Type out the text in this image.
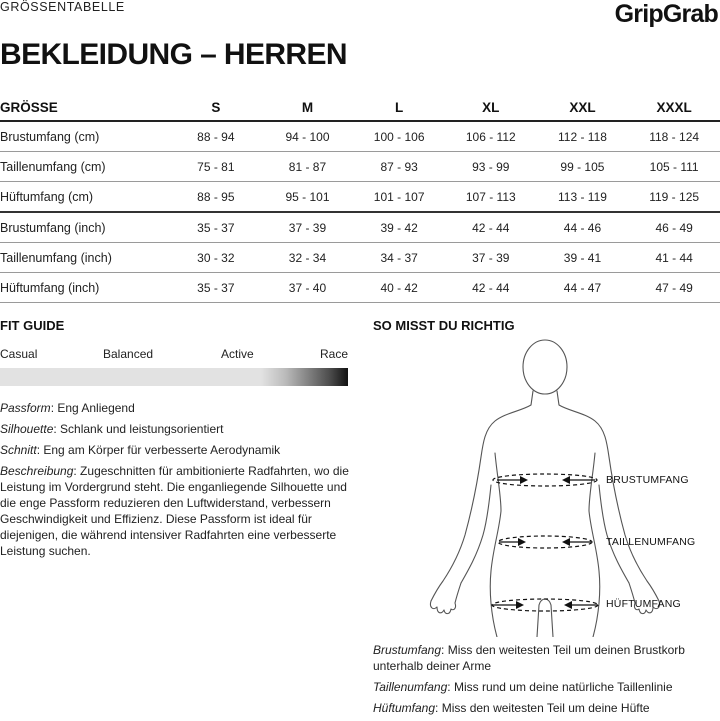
GRÖSSENTABELLE	GripGrab
BEKLEIDUNG – HERREN
GRÖSSE	S	M	L	XL	XXL	XXXL
Brustumfang (cm)	88 - 94	94 - 100	100 - 106	106 - 112	112 - 118	118 - 124
Taillenumfang (cm)	75 - 81	81 - 87	87 - 93	93 - 99	99 - 105	105 - 111
Hüftumfang (cm)	88 - 95	95 - 101	101 - 107	107 - 113	113 - 119	119 - 125
Brustumfang (inch)	35 - 37	37 - 39	39 - 42	42 - 44	44 - 46	46 - 49
Taillenumfang (inch)	30 - 32	32 - 34	34 - 37	37 - 39	39 - 41	41 - 44
Hüftumfang (inch)	35 - 37	37 - 40	40 - 42	42 - 44	44 - 47	47 - 49
FIT GUIDE
Casual	Balanced	Active	Race

Passform: Eng Anliegend

Silhouette: Schlank und leistungsorientiert

Schnitt: Eng am Körper für verbesserte Aerodynamik

Beschreibung: Zugeschnitten für ambitionierte Radfahrten, wo die Leistung im Vordergrund steht. Die enganliegende Silhouette und die enge Passform reduzieren den Luftwiderstand, verbessern Geschwindigkeit und Effizienz. Diese Passform ist ideal für diejenigen, die während intensiver Radfahrten eine verbesserte Leistung suchen.

SO MISST DU RICHTIG
BRUSTUMFANG
TAILLENUMFANG
HÜFTUMFANG

Brustumfang: Miss den weitesten Teil um deinen Brustkorb unterhalb deiner Arme

Taillenumfang: Miss rund um deine natürliche Taillenlinie

Hüftumfang: Miss den weitesten Teil um deine Hüfte
